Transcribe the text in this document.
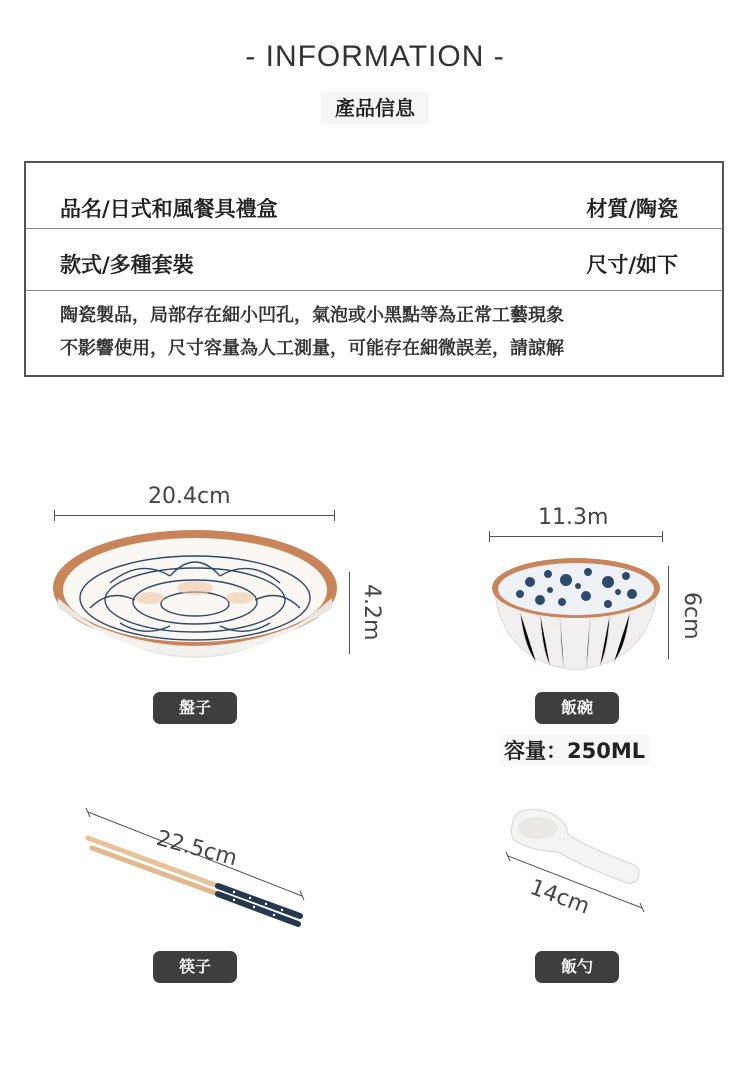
- INFORMATION -
產品信息
品名/日式和風餐具禮盒	材質/陶瓷
款式/多種套裝	尺寸/如下
陶瓷製品，局部存在細小凹孔，氣泡或小黑點等為正常工藝現象
不影響使用，尺寸容量為人工測量，可能存在細微誤差，請諒解
20.4cm
4.2m
盤子
11.3m
6cm
飯碗
容量：250ML
22.5cm
筷子
14cm
飯勺
